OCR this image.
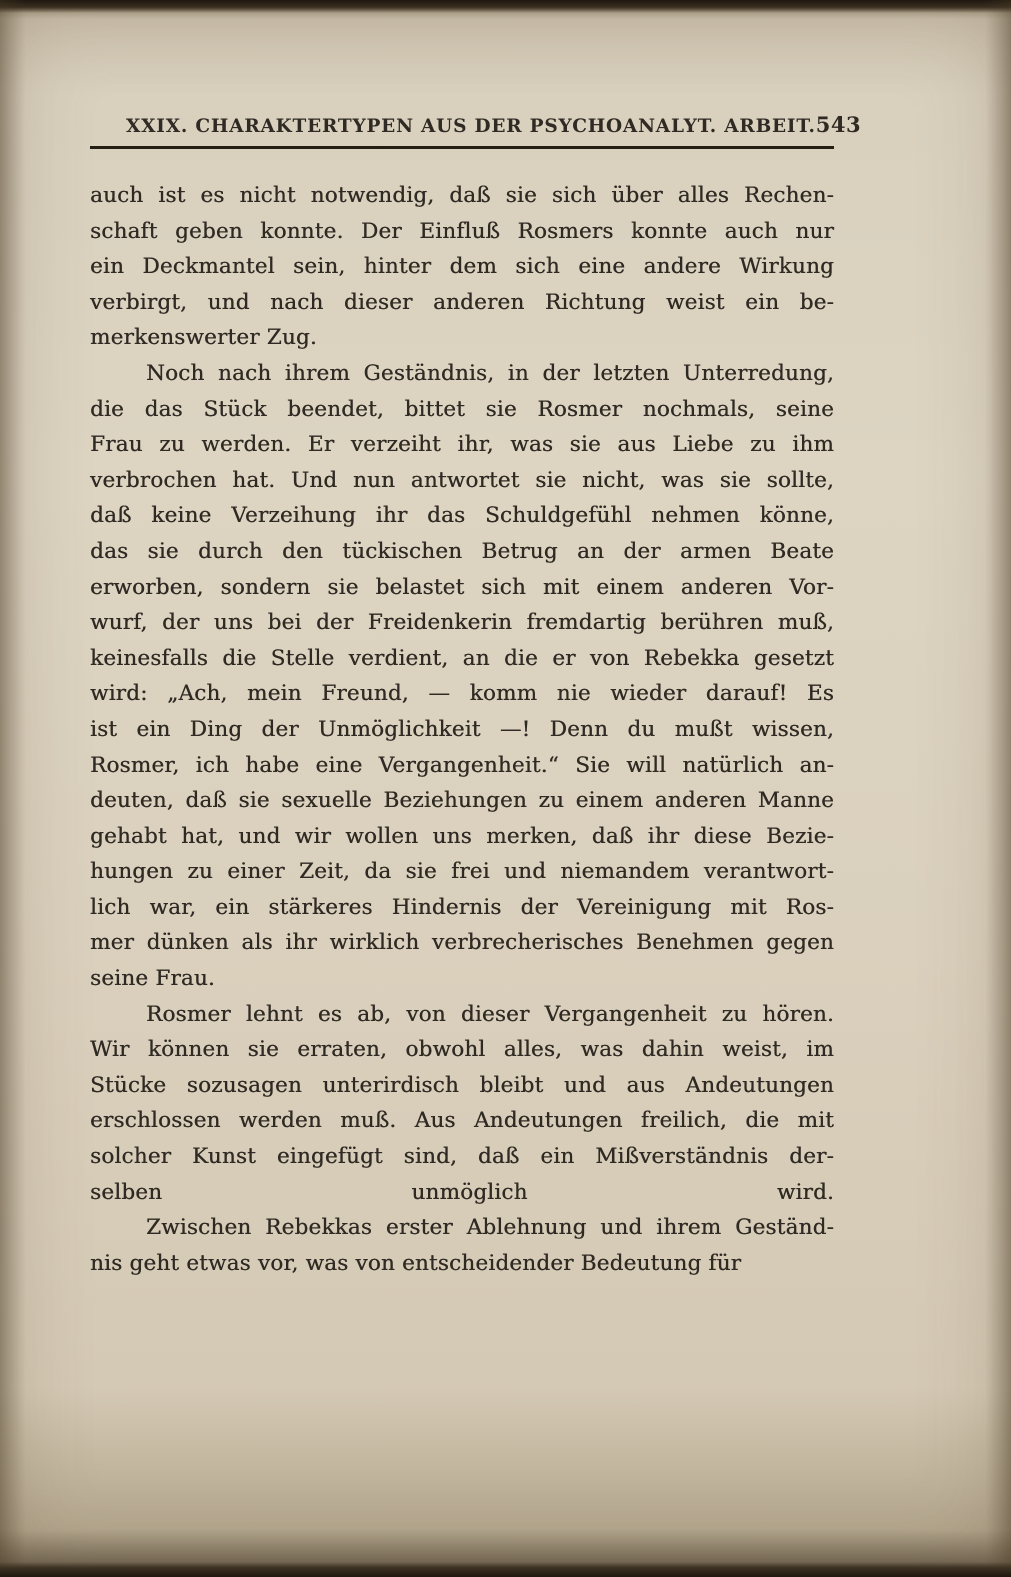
XXIX. CHARAKTERTYPEN AUS DER PSYCHOANALYT. ARBEIT. 543
auch ist es nicht notwendig, daß sie sich über alles Rechen-
schaft geben konnte. Der Einfluß Rosmers konnte auch nur
ein Deckmantel sein, hinter dem sich eine andere Wirkung
verbirgt, und nach dieser anderen Richtung weist ein be-
merkenswerter Zug.
Noch nach ihrem Geständnis, in der letzten Unterredung,
die das Stück beendet, bittet sie Rosmer nochmals, seine
Frau zu werden. Er verzeiht ihr, was sie aus Liebe zu ihm
verbrochen hat. Und nun antwortet sie nicht, was sie sollte,
daß keine Verzeihung ihr das Schuldgefühl nehmen könne,
das sie durch den tückischen Betrug an der armen Beate
erworben, sondern sie belastet sich mit einem anderen Vor-
wurf, der uns bei der Freidenkerin fremdartig berühren muß,
keinesfalls die Stelle verdient, an die er von Rebekka gesetzt
wird: „Ach, mein Freund, — komm nie wieder darauf! Es
ist ein Ding der Unmöglichkeit —! Denn du mußt wissen,
Rosmer, ich habe eine Vergangenheit.“ Sie will natürlich an-
deuten, daß sie sexuelle Beziehungen zu einem anderen Manne
gehabt hat, und wir wollen uns merken, daß ihr diese Bezie-
hungen zu einer Zeit, da sie frei und niemandem verantwort-
lich war, ein stärkeres Hindernis der Vereinigung mit Ros-
mer dünken als ihr wirklich verbrecherisches Benehmen gegen
seine Frau.
Rosmer lehnt es ab, von dieser Vergangenheit zu hören.
Wir können sie erraten, obwohl alles, was dahin weist, im
Stücke sozusagen unterirdisch bleibt und aus Andeutungen
erschlossen werden muß. Aus Andeutungen freilich, die mit
solcher Kunst eingefügt sind, daß ein Mißverständnis der-
selben unmöglich wird.
Zwischen Rebekkas erster Ablehnung und ihrem Geständ-
nis geht etwas vor, was von entscheidender Bedeutung für
